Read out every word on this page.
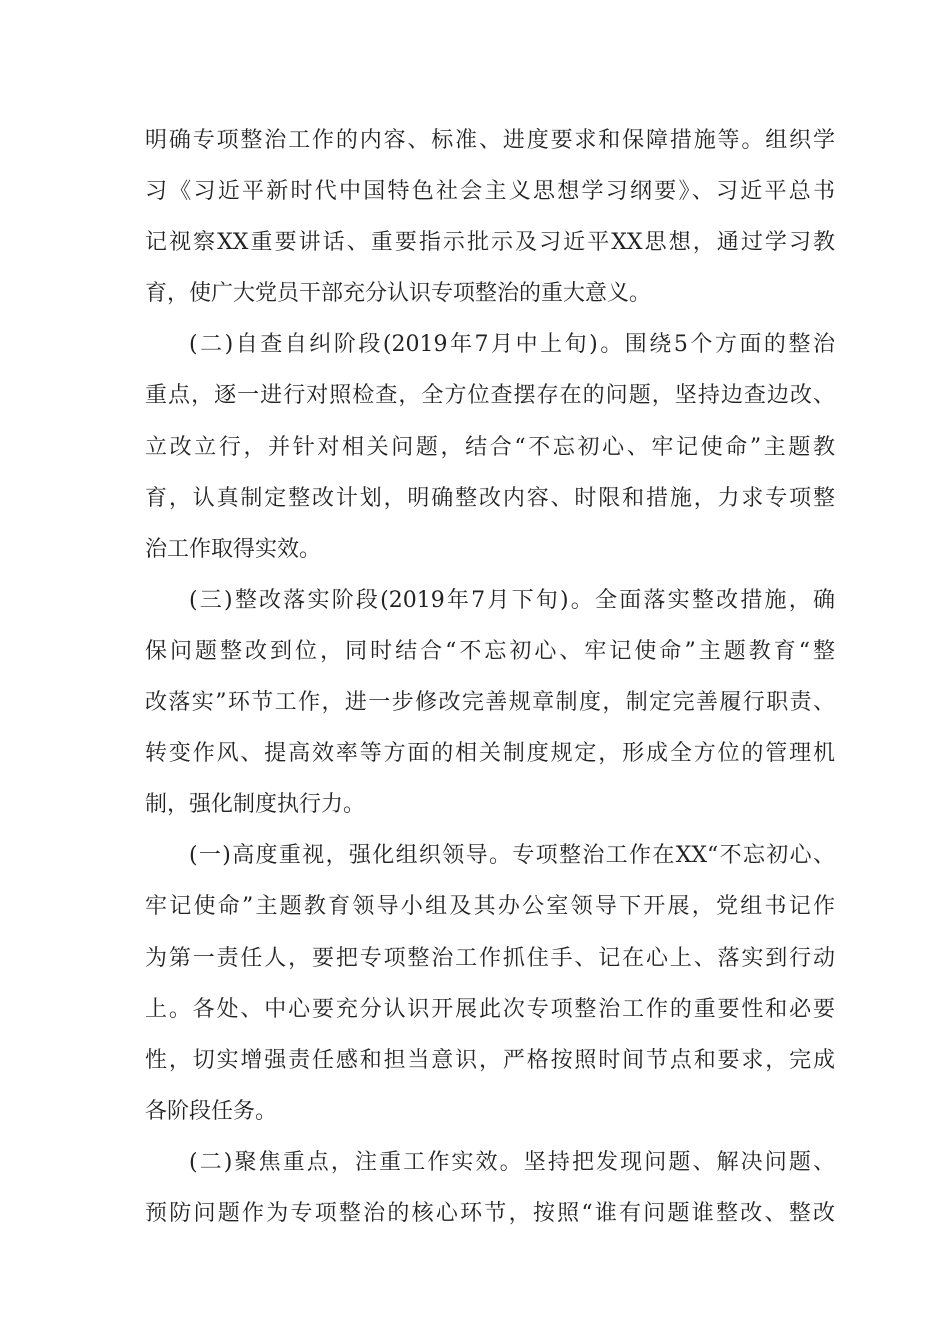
明确专项整治工作的内容、标准、进度要求和保障措施等。组织学
习《习近平新时代中国特色社会主义思想学习纲要》、习近平总书
记视察XX重要讲话、重要指示批示及习近平XX思想，通过学习教
育，使广大党员干部充分认识专项整治的重大意义。
(二)自查自纠阶段(2019年7月中上旬)。围绕5个方面的整治
重点，逐一进行对照检查，全方位查摆存在的问题，坚持边查边改、
立改立行，并针对相关问题，结合“不忘初心、牢记使命”主题教
育，认真制定整改计划，明确整改内容、时限和措施，力求专项整
治工作取得实效。
(三)整改落实阶段(2019年7月下旬)。全面落实整改措施，确
保问题整改到位，同时结合“不忘初心、牢记使命”主题教育“整
改落实”环节工作，进一步修改完善规章制度，制定完善履行职责、
转变作风、提高效率等方面的相关制度规定，形成全方位的管理机
制，强化制度执行力。
(一)高度重视，强化组织领导。专项整治工作在XX“不忘初心、
牢记使命”主题教育领导小组及其办公室领导下开展，党组书记作
为第一责任人，要把专项整治工作抓住手、记在心上、落实到行动
上。各处、中心要充分认识开展此次专项整治工作的重要性和必要
性，切实增强责任感和担当意识，严格按照时间节点和要求，完成
各阶段任务。
(二)聚焦重点，注重工作实效。坚持把发现问题、解决问题、
预防问题作为专项整治的核心环节，按照“谁有问题谁整改、整改
